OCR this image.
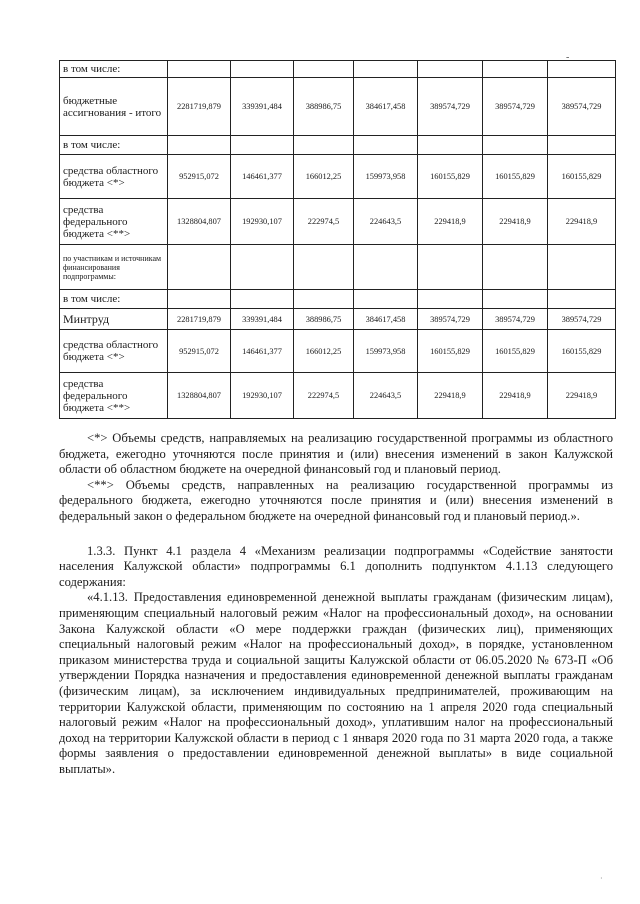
-
в том числе:							
бюджетные ассигнования - итого	2281719,879	339391,484	388986,75	384617,458	389574,729	389574,729	389574,729
в том числе:							
средства областного бюджета <*>	952915,072	146461,377	166012,25	159973,958	160155,829	160155,829	160155,829
средства федерального бюджета <**>	1328804,807	192930,107	222974,5	224643,5	229418,9	229418,9	229418,9
по участникам и источникам финансирования подпрограммы:							
в том числе:							
Минтруд	2281719,879	339391,484	388986,75	384617,458	389574,729	389574,729	389574,729
средства областного бюджета <*>	952915,072	146461,377	166012,25	159973,958	160155,829	160155,829	160155,829
средства федерального бюджета <**>	1328804,807	192930,107	222974,5	224643,5	229418,9	229418,9	229418,9

<*> Объемы средств, направляемых на реализацию государственной программы из областного бюджета, ежегодно уточняются после принятия и (или) внесения изменений в закон Калужской области об областном бюджете на очередной финансовый год и плановый период.

<**> Объемы средств, направленных на реализацию государственной программы из федерального бюджета, ежегодно уточняются после принятия и (или) внесения изменений в федеральный закон о федеральном бюджете на очередной финансовый год и плановый период.».

1.3.3. Пункт 4.1 раздела 4 «Механизм реализации подпрограммы «Содействие занятости населения Калужской области» подпрограммы 6.1 дополнить подпунктом 4.1.13 следующего содержания:

«4.1.13. Предоставления единовременной денежной выплаты гражданам (физическим лицам), применяющим специальный налоговый режим «Налог на профессиональный доход», на основании Закона Калужской области «О мере поддержки граждан (физических лиц), применяющих специальный налоговый режим «Налог на профессиональный доход», в порядке, установленном приказом министерства труда и социальной защиты Калужской области от 06.05.2020 № 673-П «Об утверждении Порядка назначения и предоставления единовременной денежной выплаты гражданам (физическим лицам), за исключением индивидуальных предпринимателей, проживающим на территории Калужской области, применяющим по состоянию на 1 апреля 2020 года специальный налоговый режим «Налог на профессиональный доход», уплатившим налог на профессиональный доход на территории Калужской области в период с 1 января 2020 года по 31 марта 2020 года, а также формы заявления о предоставлении единовременной денежной выплаты» в виде социальной выплаты».

·
